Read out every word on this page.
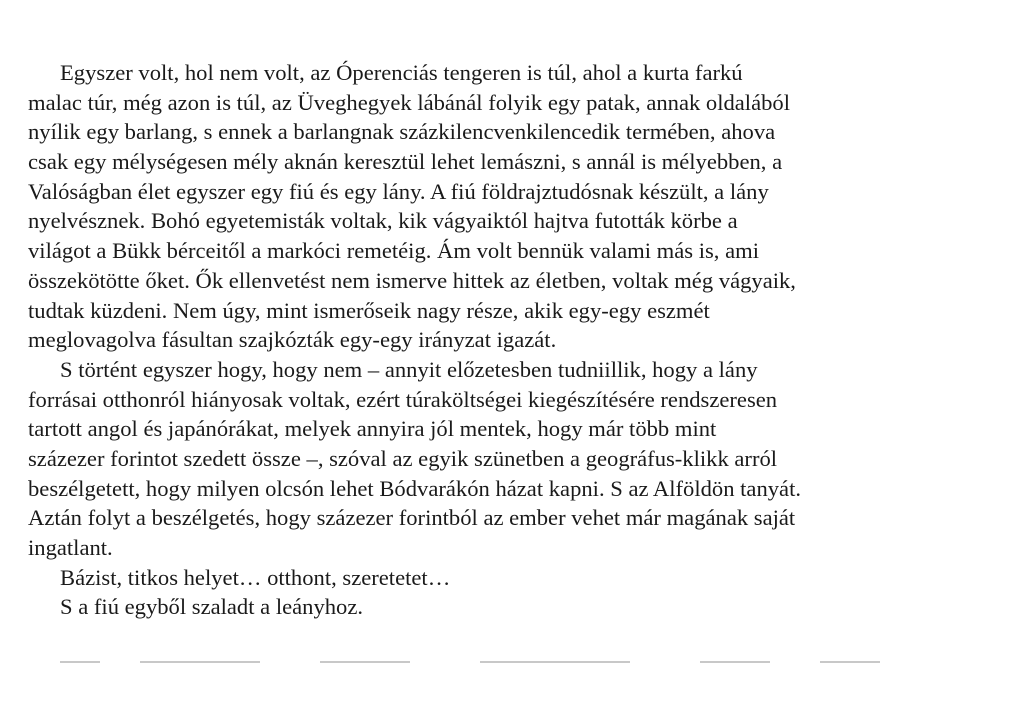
Egyszer volt, hol nem volt, az Óperenciás tengeren is túl, ahol a kurta farkú
malac túr, még azon is túl, az Üveghegyek lábánál folyik egy patak, annak oldalából
nyílik egy barlang, s ennek a barlangnak százkilencvenkilencedik termében, ahova
csak egy mélységesen mély aknán keresztül lehet lemászni, s annál is mélyebben, a
Valóságban élet egyszer egy fiú és egy lány. A fiú földrajztudósnak készült, a lány
nyelvésznek. Bohó egyetemisták voltak, kik vágyaiktól hajtva futották körbe a
világot a Bükk bérceitől a markóci remetéig. Ám volt bennük valami más is, ami
összekötötte őket. Ők ellenvetést nem ismerve hittek az életben, voltak még vágyaik,
tudtak küzdeni. Nem úgy, mint ismerőseik nagy része, akik egy-egy eszmét
meglovagolva fásultan szajkózták egy-egy irányzat igazát.
S történt egyszer hogy, hogy nem – annyit előzetesben tudniillik, hogy a lány
forrásai otthonról hiányosak voltak, ezért túraköltségei kiegészítésére rendszeresen
tartott angol és japánórákat, melyek annyira jól mentek, hogy már több mint
százezer forintot szedett össze –, szóval az egyik szünetben a geográfus-klikk arról
beszélgetett, hogy milyen olcsón lehet Bódvarákón házat kapni. S az Alföldön tanyát.
Aztán folyt a beszélgetés, hogy százezer forintból az ember vehet már magának saját
ingatlant.
Bázist, titkos helyet… otthont, szeretetet…
S a fiú egyből szaladt a leányhoz.
